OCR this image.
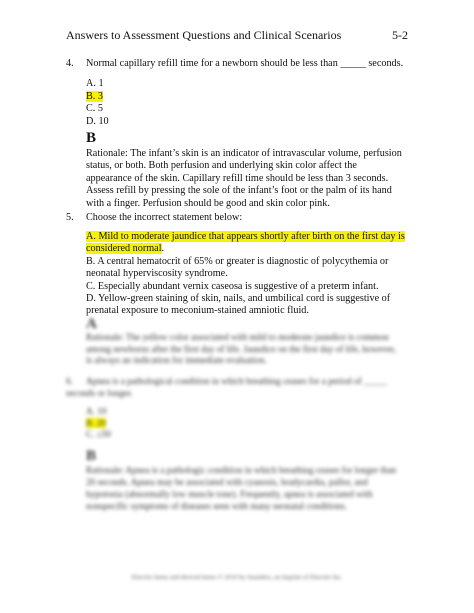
Answers to Assessment Questions and Clinical Scenarios	5-2
4. Normal capillary refill time for a newborn should be less than _____ seconds.
A. 1
B. 3
C. 5
D. 10
B
Rationale: The infant’s skin is an indicator of intravascular volume, perfusion status, or both. Both perfusion and underlying skin color affect the appearance of the skin. Capillary refill time should be less than 3 seconds. Assess refill by pressing the sole of the infant’s foot or the palm of its hand with a finger. Perfusion should be good and skin color pink.
5. Choose the incorrect statement below:
A. Mild to moderate jaundice that appears shortly after birth on the first day is considered normal.
B. A central hematocrit of 65% or greater is diagnostic of polycythemia or neonatal hyperviscosity syndrome.
C. Especially abundant vernix caseosa is suggestive of a preterm infant.
D. Yellow-green staining of skin, nails, and umbilical cord is suggestive of prenatal exposure to meconium-stained amniotic fluid.
A
Rationale: The yellow color associated with mild to moderate jaundice is common among newborns after the first day of life. Jaundice on the first day of life, however, is always an indication for immediate evaluation.
6. Apnea is a pathological condition in which breathing ceases for a period of _____ seconds or longer.
A. 10
B. 20
C. ≥50
B
Rationale: Apnea is a pathologic condition in which breathing ceases for longer than 20 seconds. Apnea may be associated with cyanosis, bradycardia, pallor, and hypotonia (abnormally low muscle tone). Frequently, apnea is associated with nonspecific symptoms of diseases seen with many neonatal conditions.
Elsevier items and derived items © 2010 by Saunders, an imprint of Elsevier Inc.
